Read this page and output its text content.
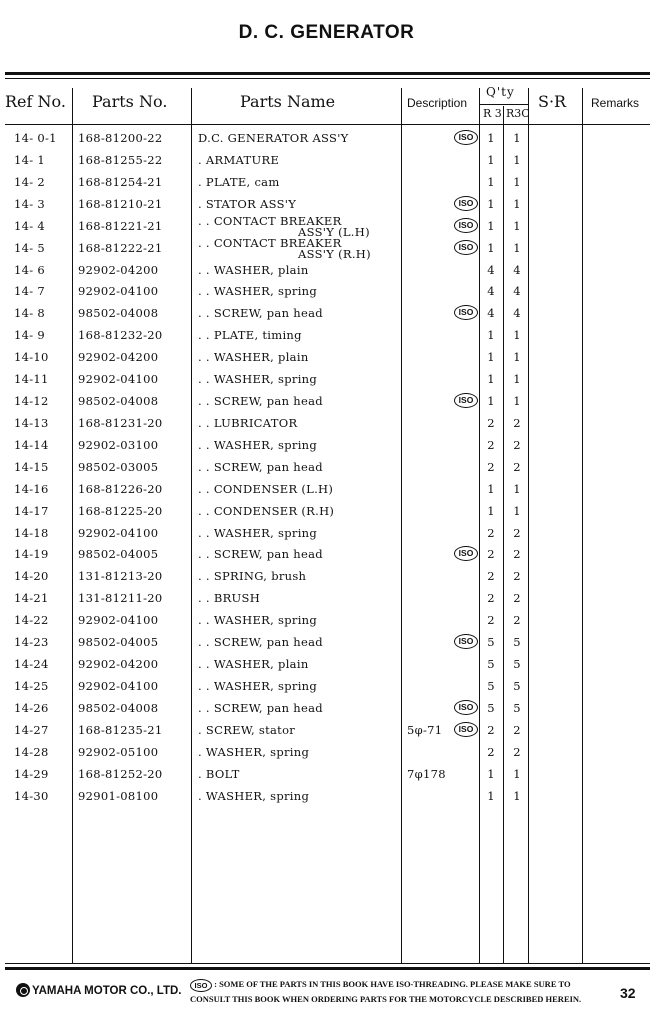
D. C. GENERATOR
Ref No. Parts No.	Parts Name	Description
Q'ty
R 3 R3C
S·R Remarks
14- 0-1 168-81200-22	D.C. GENERATOR ASS'Y	ISO	1 1
14- 1	168-81255-22	. ARMATURE	1 1
14- 2	168-81254-21	. PLATE, cam	1 1
14- 3	168-81210-21	. STATOR ASS'Y	ISO	1 1
14- 4	168-81221-21	. . CONTACT BREAKER
ASS'Y (L.H)	ISO	1 1
14- 5	168-81222-21	. . CONTACT BREAKER
ASS'Y (R.H)	ISO	1 1
14- 6	92902-04200	. . WASHER, plain	4 4
14- 7	92902-04100	. . WASHER, spring	4 4
14- 8	98502-04008	. . SCREW, pan head	ISO	4 4
14- 9	168-81232-20	. . PLATE, timing	1 1
14-10	92902-04200	. . WASHER, plain	1 1
14-11	92902-04100	. . WASHER, spring	1 1
14-12	98502-04008	. . SCREW, pan head	ISO	1 1
14-13	168-81231-20	. . LUBRICATOR	2 2
14-14	92902-03100	. . WASHER, spring	2 2
14-15	98502-03005	. . SCREW, pan head	2 2
14-16	168-81226-20	. . CONDENSER (L.H)	1 1
14-17	168-81225-20	. . CONDENSER (R.H)	1 1
14-18	92902-04100	. . WASHER, spring	2 2
14-19	98502-04005	. . SCREW, pan head	ISO	2 2
14-20	131-81213-20	. . SPRING, brush	2 2
14-21	131-81211-20	. . BRUSH	2 2
14-22	92902-04100	. . WASHER, spring	2 2
14-23	98502-04005	. . SCREW, pan head	ISO	5 5
14-24	92902-04200	. . WASHER, plain	5 5
14-25	92902-04100	. . WASHER, spring	5 5
14-26	98502-04008	. . SCREW, pan head	ISO	5 5
14-27	168-81235-21	. SCREW, stator	5φ-71	ISO	2 2
14-28	92902-05100	. WASHER, spring	2 2
14-29	168-81252-20	. BOLT	7φ178	1 1
14-30	92901-08100	. WASHER, spring	1 1
YAMAHA MOTOR CO., LTD.	ISO : SOME OF THE PARTS IN THIS BOOK HAVE ISO-THREADING. PLEASE MAKE SURE TO
CONSULT THIS BOOK WHEN ORDERING PARTS FOR THE MOTORCYCLE DESCRIBED HEREIN.	32
